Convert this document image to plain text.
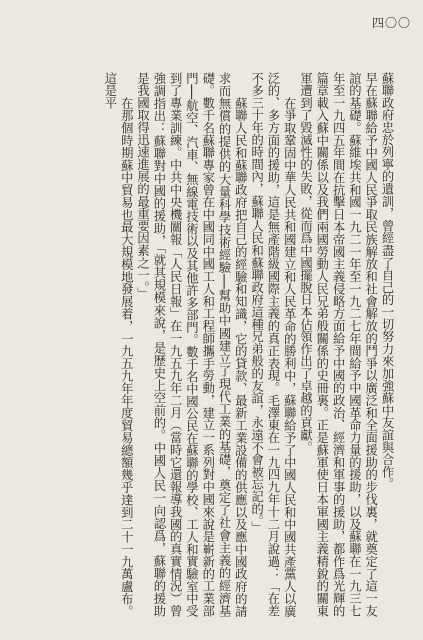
四〇〇

蘇聯政府忠於列寧的遺訓，曾經盡了自己的一切努力來加強蘇中友誼與合作。

早在蘇聯給予中國人民爭取民族解放和社會解放的鬥爭以廣泛和全面援助的步伐裏，就奠定了這一友誼的基礎。蘇維埃共和國一九二一年至一九二七年間給予中國革命力量的援助，以及蘇聯在一九三七年至一九四五年間在抗擊日本帝國主義侵略方面給予中國的政治、經濟和軍事的援助，都作爲光輝的篇章載入蘇中關係以及我們兩國勞動人民兄弟般關係的史冊裏。正是蘇軍使日本軍國主義精銳的關東軍遭到了毀滅性的失敗，從而爲中國擺脫日本佔領作出了卓越的貢獻。

在爭取鞏固中華人民共和國建立和人民革命的勝利中，蘇聯給予了中國人民和中國共產黨人以廣泛的、多方面的援助，這是無產階級國際主義的真正表現。毛澤東在一九四九年十二月說過：「在差不多三十年的時間內，蘇聯人民和蘇聯政府這種兄弟般的友誼，永遠不會被忘記的。」

蘇聯人民和蘇聯政府把自己的經驗和知識，它的貸款、最新工業設備的供應以及應中國政府的請求而無償的提供的大量科學技術經驗──幫助中國建立了現代工業的基礎，奠定了社會主義的經濟基礎。數千名蘇聯專家曾在中國同中國工人和工程師攜手勞動，建立一系列對中國來說是嶄新的工業部門──航空、汽車、無線電技術以及其他許多部門。數千名中國公民在蘇聯的學校、工人和實驗室中受到了專業訓練。中共中央機關報「人民日報」在一九五九年二月（當時它還報導我國的真實情況）曾強調指出：蘇聯對中國的援助，「就其規模來說，是歷史上空前的。中國人民一向認爲，蘇聯的援助是我國取得迅速進展的最重要因素之一。」

在那個時期蘇中貿易也最大規模地發展着，一九五九年年度貿易總額幾乎達到二十一九萬盧布。這是平
